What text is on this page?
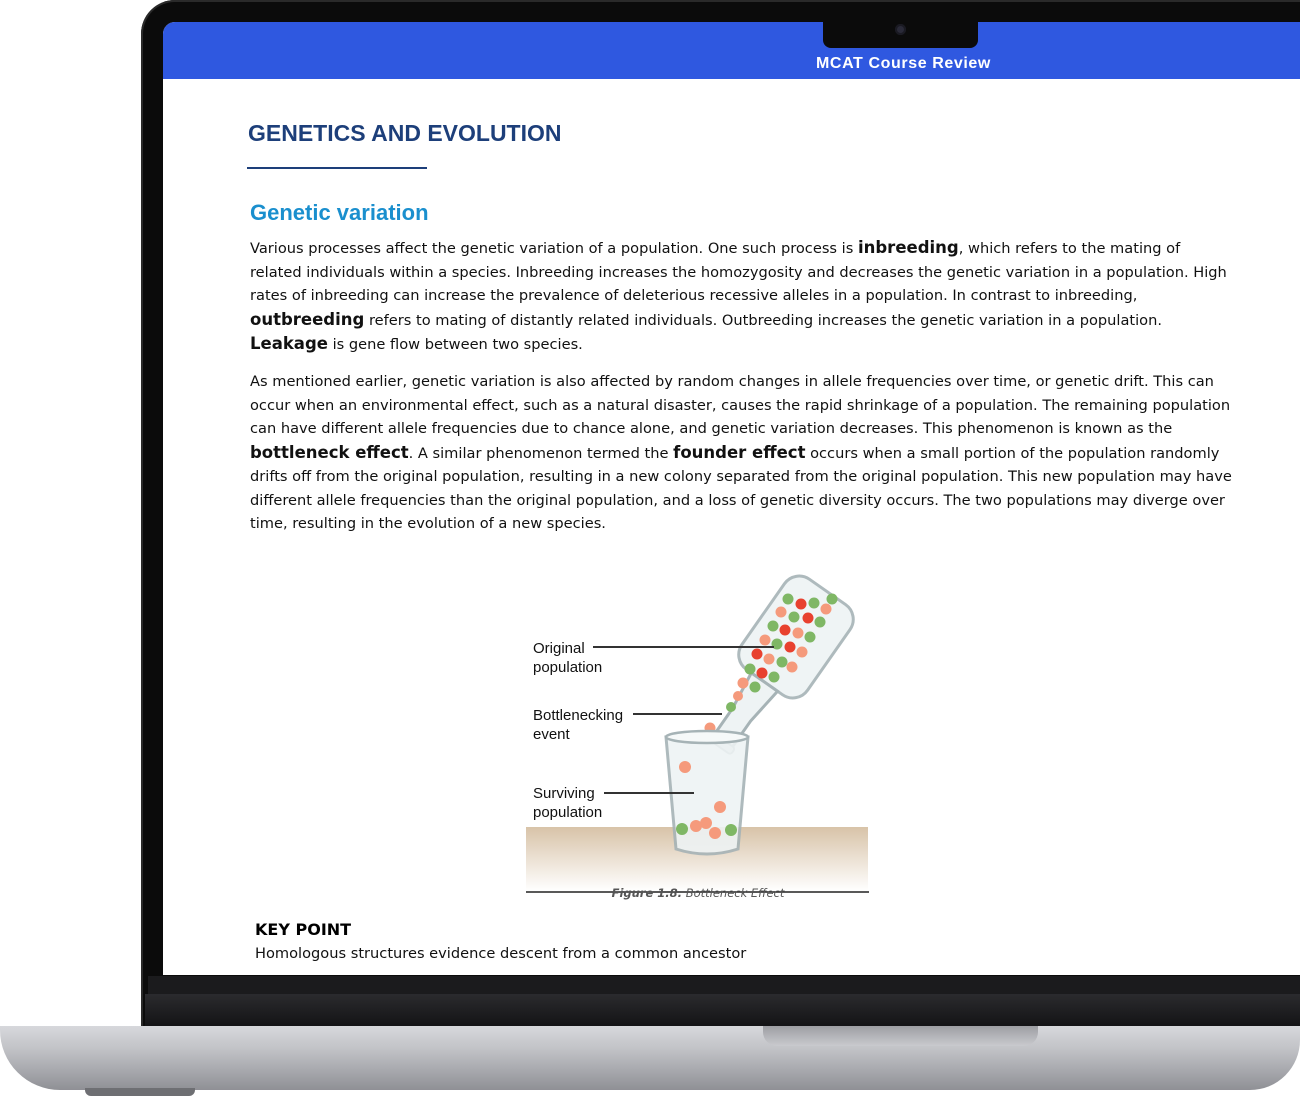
MCAT Course Review
GENETICS AND EVOLUTION
Genetic variation

Various processes affect the genetic variation of a population. One such process is inbreeding, which refers to the mating of related individuals within a species. Inbreeding increases the homozygosity and decreases the genetic variation in a population. High rates of inbreeding can increase the prevalence of deleterious recessive alleles in a population. In contrast to inbreeding, outbreeding refers to mating of distantly related individuals. Outbreeding increases the genetic variation in a population. Leakage is gene flow between two species.

As mentioned earlier, genetic variation is also affected by random changes in allele frequencies over time, or genetic drift. This can occur when an environmental effect, such as a natural disaster, causes the rapid shrinkage of a population. The remaining population can have different allele frequencies due to chance alone, and genetic variation decreases. This phenomenon is known as the bottleneck effect. A similar phenomenon termed the founder effect occurs when a small portion of the population randomly drifts off from the original population, resulting in a new colony separated from the original population. This new population may have different allele frequencies than the original population, and a loss of genetic diversity occurs. The two populations may diverge over time, resulting in the evolution of a new species.

Original
population
Bottlenecking
event
Surviving
population
Figure 1.8. Bottleneck Effect
KEY POINT
Homologous structures evidence descent from a common ancestor
